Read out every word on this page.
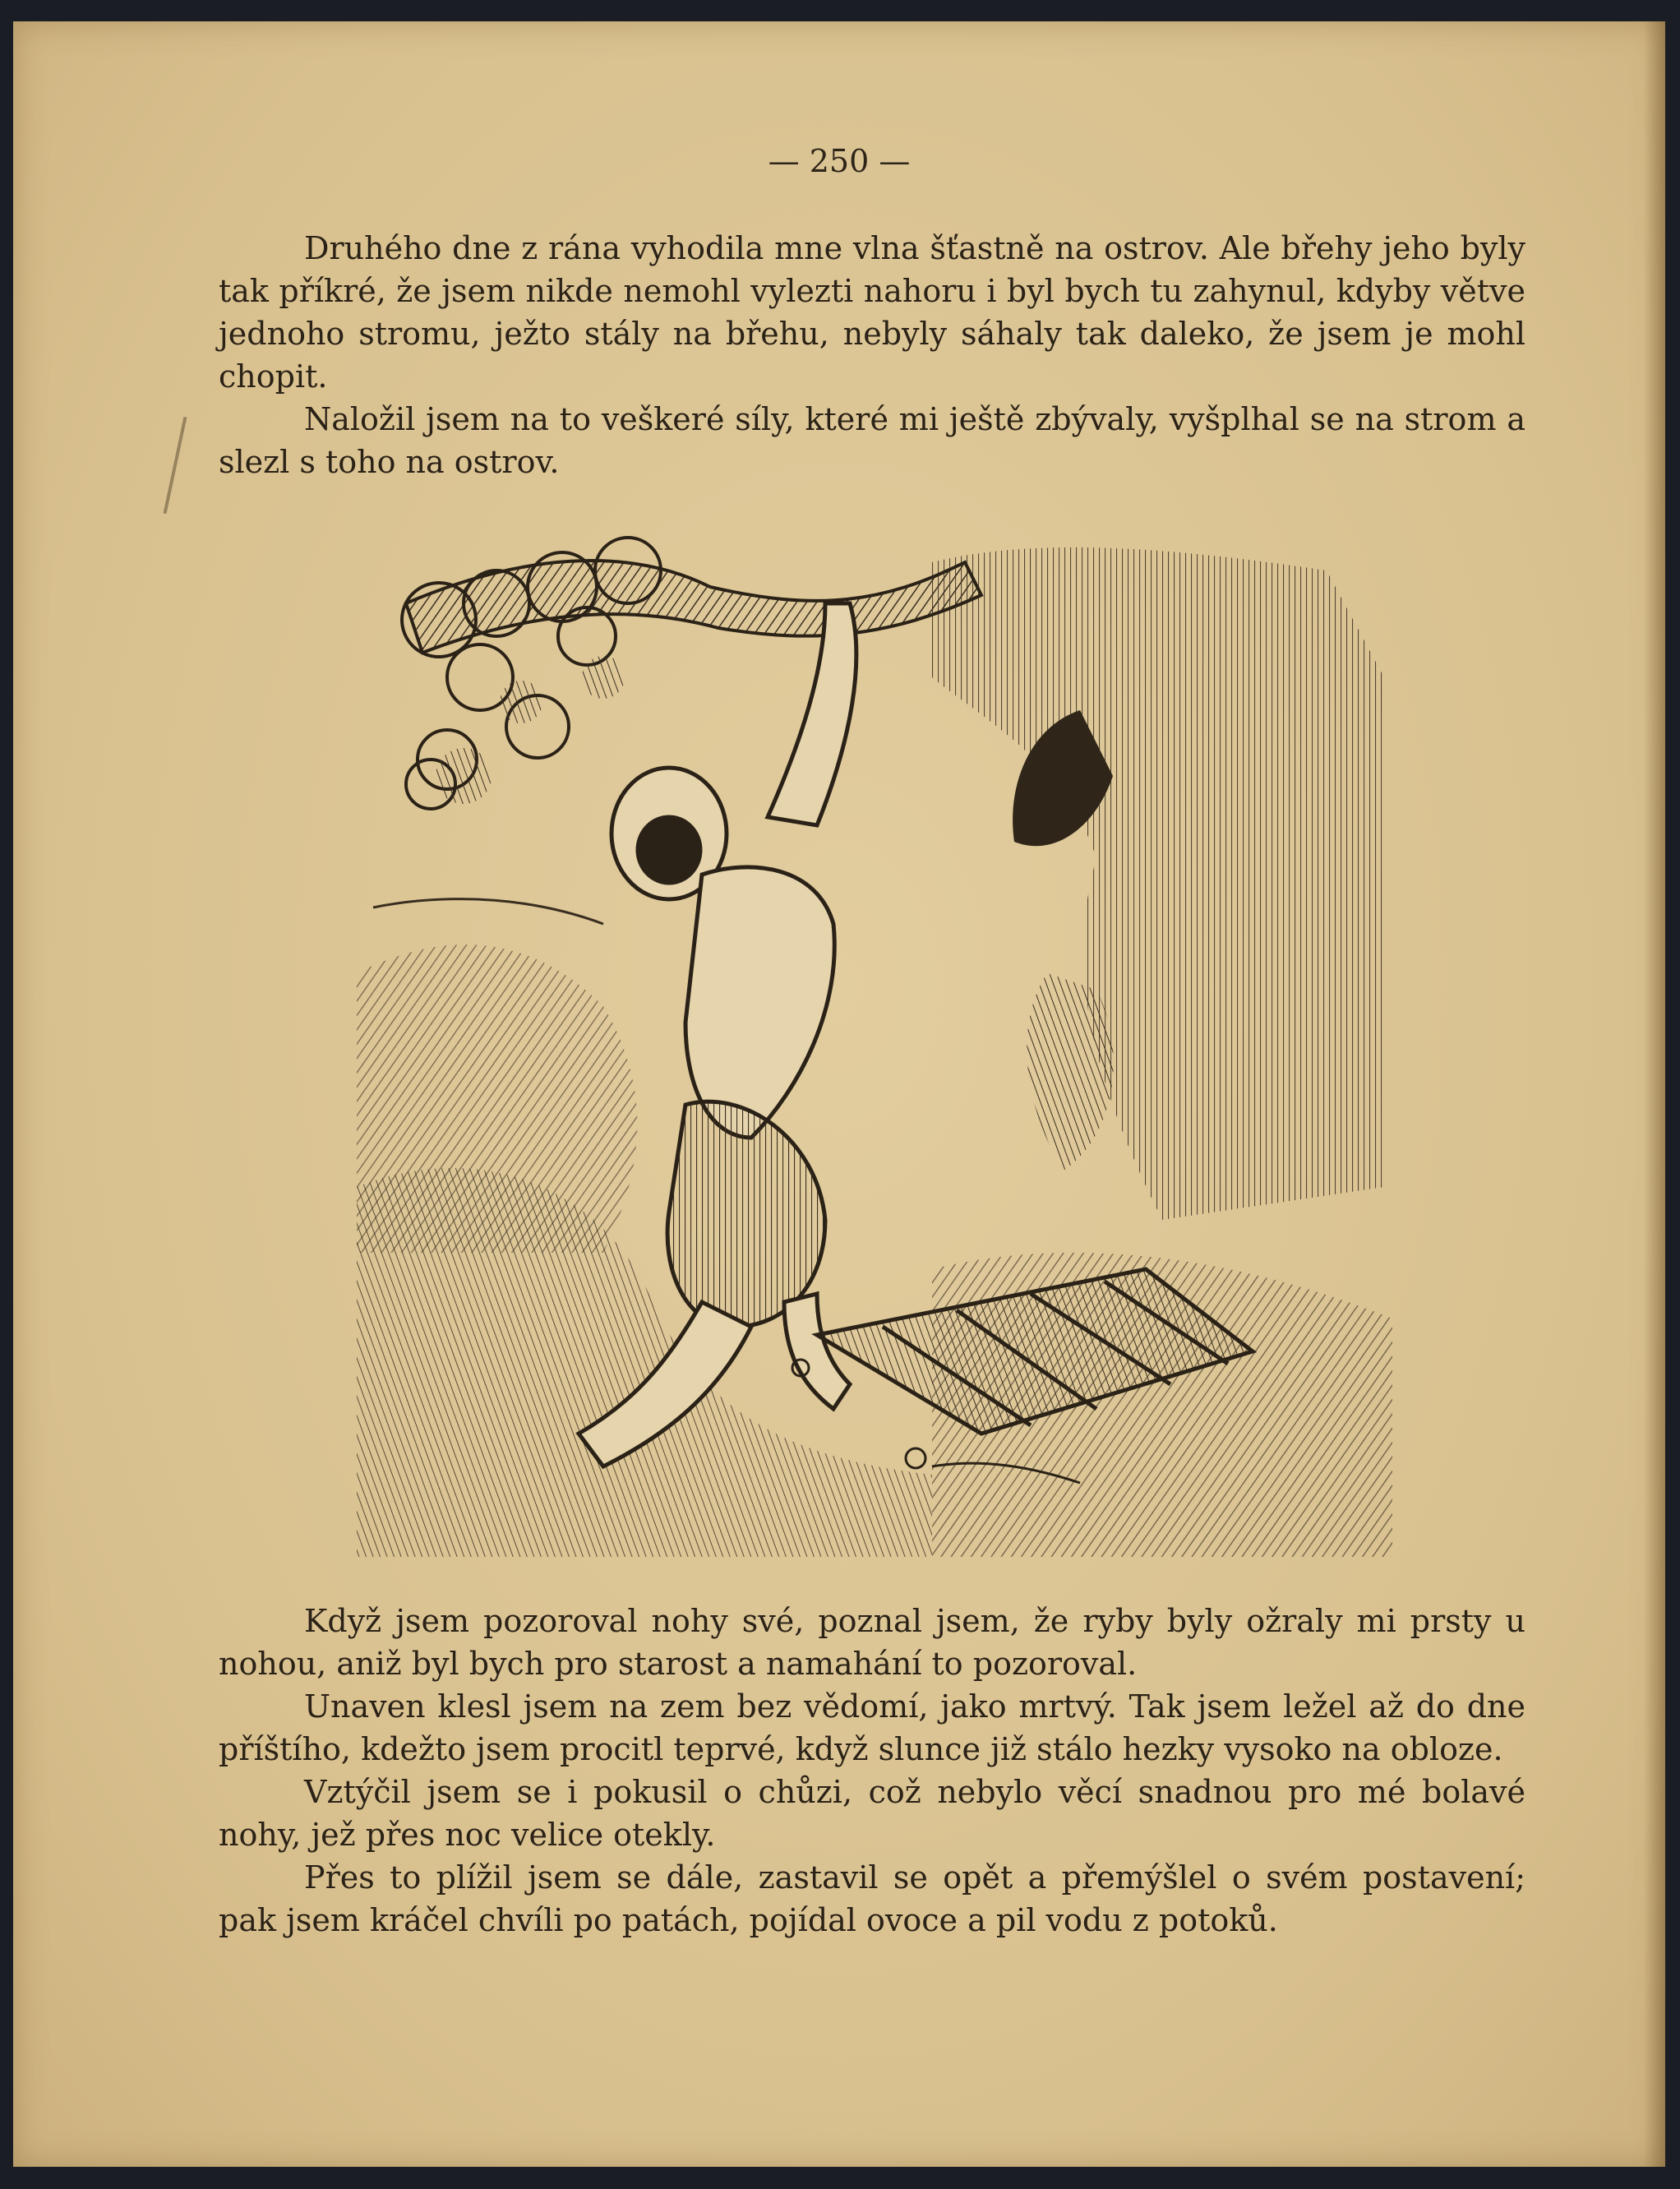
— 250 —

Druhého dne z rána vyhodila mne vlna šťastně na ostrov. Ale břehy jeho byly tak příkré, že jsem nikde nemohl vylezti nahoru i byl bych tu zahynul, kdyby větve jednoho stromu, ježto stály na břehu, nebyly sáhaly tak daleko, že jsem je mohl chopit.

Naložil jsem na to veškeré síly, které mi ještě zbývaly, vyšplhal se na strom a slezl s toho na ostrov.

Když jsem pozoroval nohy své, poznal jsem, že ryby byly ožraly mi prsty u nohou, aniž byl bych pro starost a namahání to pozoroval.

Unaven klesl jsem na zem bez vědomí, jako mrtvý. Tak jsem ležel až do dne příštího, kdežto jsem procitl teprvé, když slunce již stálo hezky vysoko na obloze.

Vztýčil jsem se i pokusil o chůzi, což nebylo věcí snadnou pro mé bolavé nohy, jež přes noc velice otekly.

Přes to plížil jsem se dále, zastavil se opět a přemýšlel o svém postavení; pak jsem kráčel chvíli po patách, pojídal ovoce a pil vodu z potoků.
